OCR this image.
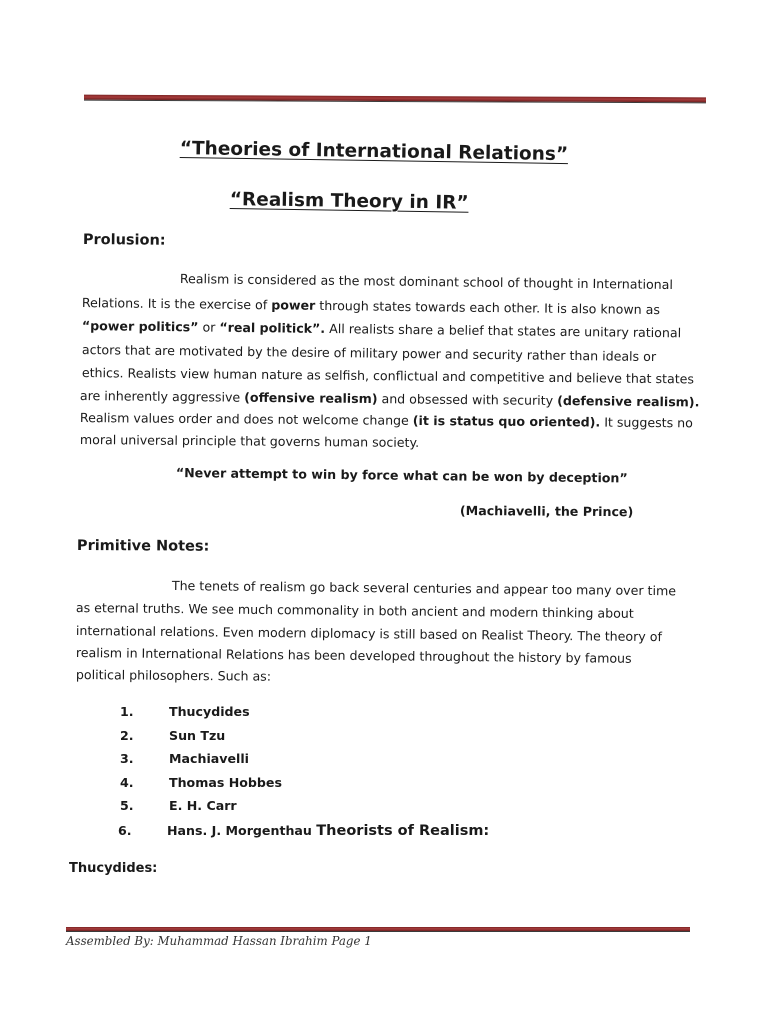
“Theories of International Relations”
“Realism Theory in IR”
Prolusion:
Realism is considered as the most dominant school of thought in International
Relations. It is the exercise of power through states towards each other. It is also known as
“power politics” or “real politick”. All realists share a belief that states are unitary rational
actors that are motivated by the desire of military power and security rather than ideals or
ethics. Realists view human nature as selfish, conflictual and competitive and believe that states
are inherently aggressive (offensive realism) and obsessed with security (defensive realism).
Realism values order and does not welcome change (it is status quo oriented). It suggests no
moral universal principle that governs human society.
“Never attempt to win by force what can be won by deception”
(Machiavelli, the Prince)
Primitive Notes:
The tenets of realism go back several centuries and appear too many over time
as eternal truths. We see much commonality in both ancient and modern thinking about
international relations. Even modern diplomacy is still based on Realist Theory. The theory of
realism in International Relations has been developed throughout the history by famous
political philosophers. Such as:
1.	Thucydides
2.	Sun Tzu
3.	Machiavelli
4.	Thomas Hobbes
5.	E. H. Carr
6.	Hans. J. Morgenthau Theorists of Realism:
Thucydides:
Assembled By: Muhammad Hassan Ibrahim Page 1
